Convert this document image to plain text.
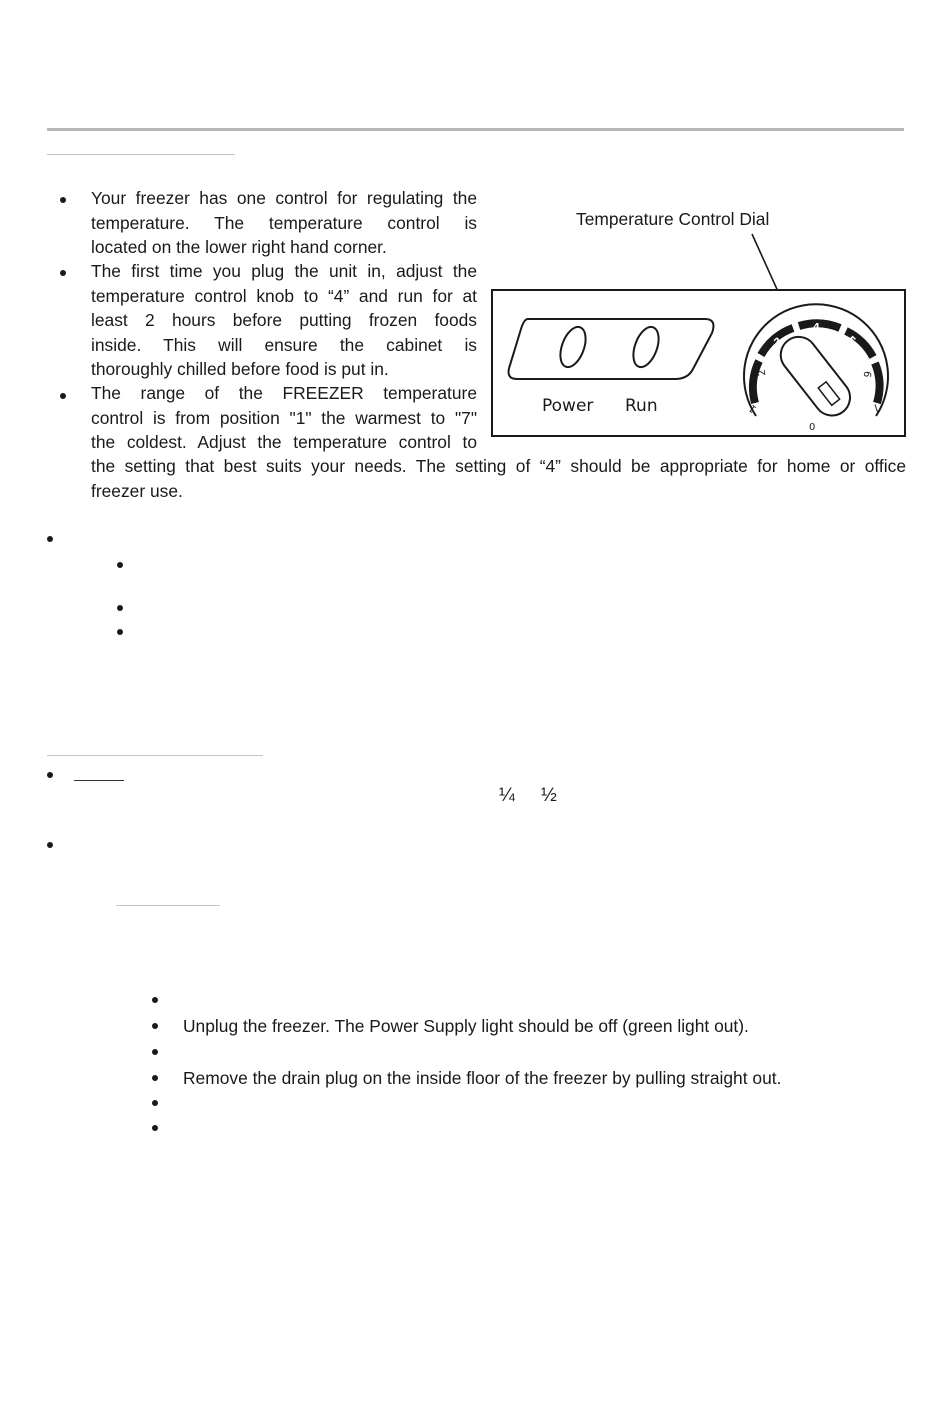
Your freezer has one control for regulating the
temperature. The temperature control is
located on the lower right hand corner.
The first time you plug the unit in, adjust the
temperature control knob to “4” and run for at
least 2 hours before putting frozen foods
inside. This will ensure the cabinet is
thoroughly chilled before food is put in.
The range of the FREEZER temperature
control is from position "1" the warmest to "7"
the coldest. Adjust the temperature control to
the setting that best suits your needs. The setting of “4” should be appropriate for home or office
freezer use.
Temperature Control Dial
1
2
3
4
5
6
7
0
Power Run
¼ ½
Unplug the freezer. The Power Supply light should be off (green light out).
Remove the drain plug on the inside floor of the freezer by pulling straight out.
